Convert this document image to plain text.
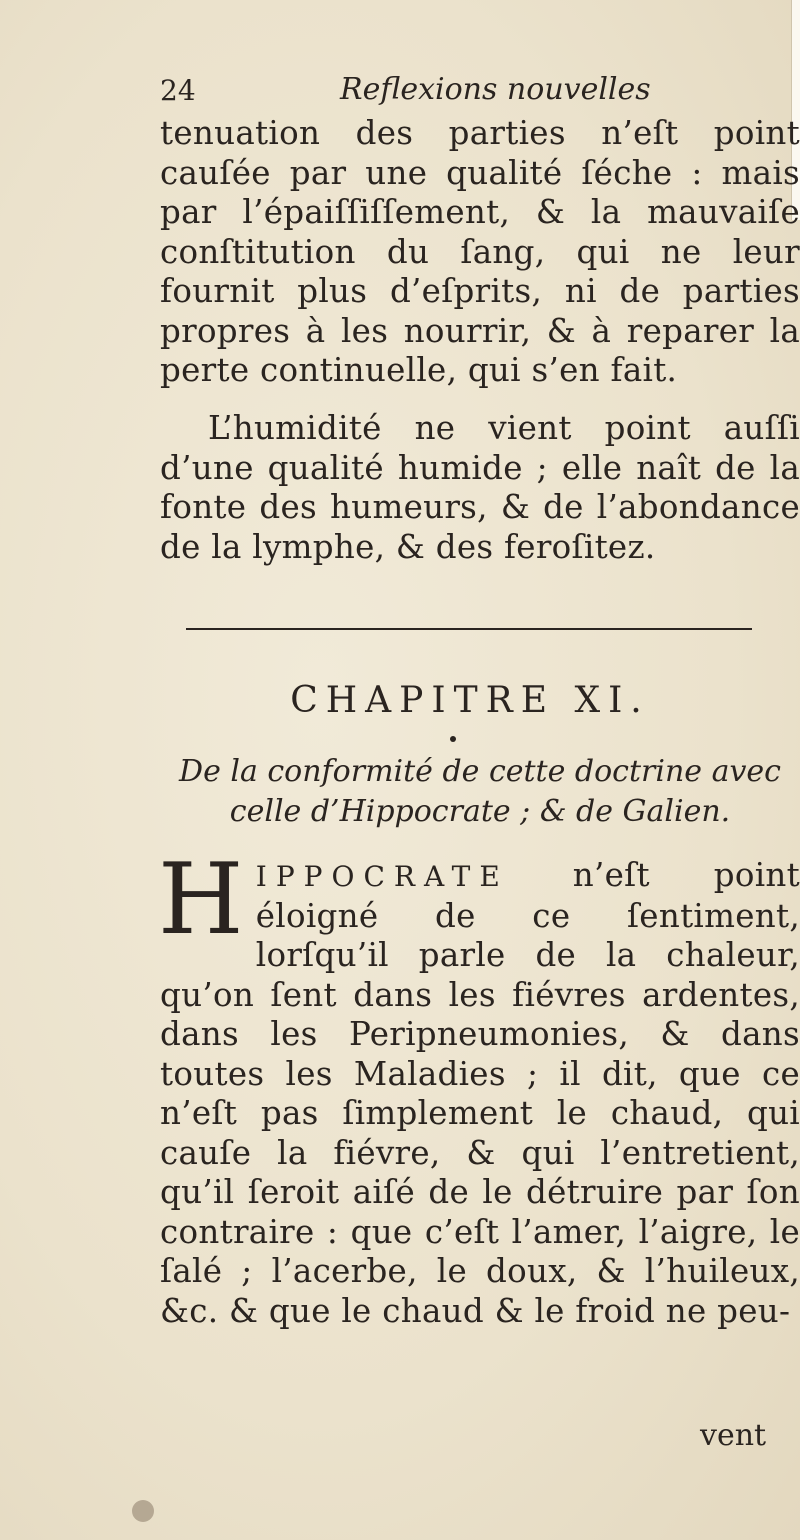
24	Reflexions nouvelles

tenuation des parties n’eſt point cauſée par une qualité ſéche : mais par l’épaiſſiſſement, & la mauvaiſe conſtitution du ſang, qui ne leur fournit plus d’eſprits, ni de parties propres à les nourrir, & à reparer la perte continuelle, qui s’en fait.

L’humidité ne vient point auſſi d’une qualité humide ; elle naît de la fonte des humeurs, & de l’abondance de la lymphe, & des feroſitez.

CHAPITRE XI.
De la conformité de cette doctrine avec
celle d’Hippocrate ; & de Galien.

HIPPOCRATE n’eſt point éloigné de ce ſentiment, lorſqu’il parle de la chaleur, qu’on ſent dans les fiévres ardentes, dans les Peripneumonies, & dans toutes les Maladies ; il dit, que ce n’eſt pas ſimplement le chaud, qui cauſe la fiévre, & qui l’entretient, qu’il ſeroit aiſé de le détruire par ſon contraire : que c’eſt l’amer, l’aigre, le ſalé ; l’acerbe, le doux, & l’huileux, &c. & que le chaud & le froid ne peu-

vent
